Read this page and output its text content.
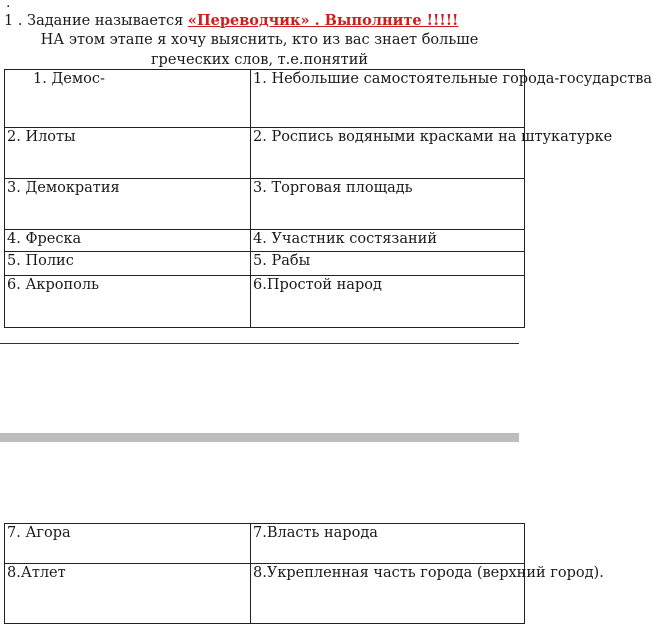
.
1 . Задание называется «Переводчик» . Выполните !!!!!
НА этом этапе я хочу выяснить, кто из вас знает больше
греческих слов, т.е.понятий
1. Демос-	1. Небольшие самостоятельные города-государства
2. Илоты	2. Роспись водяными красками на штукатурке
3. Демократия	3. Торговая площадь
4. Фреска	4. Участник состязаний
5. Полис	5. Рабы
6. Акрополь	6.Простой народ
7. Агора	7.Власть народа
8.Атлет	8.Укрепленная часть города (верхний город).
